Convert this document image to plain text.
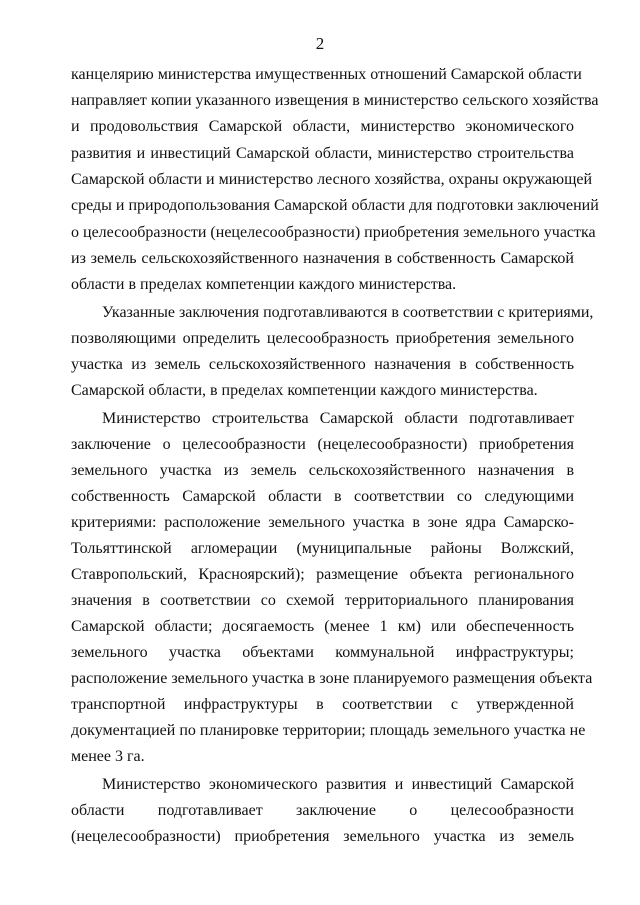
2
канцелярию министерства имущественных отношений Самарской области
направляет копии указанного извещения в министерство сельского хозяйства
и продовольствия Самарской области, министерство экономического
развития и инвестиций Самарской области, министерство строительства
Самарской области и министерство лесного хозяйства, охраны окружающей
среды и природопользования Самарской области для подготовки заключений
о целесообразности (нецелесообразности) приобретения земельного участка
из земель сельскохозяйственного назначения в собственность Самарской
области в пределах компетенции каждого министерства.
Указанные заключения подготавливаются в соответствии с критериями,
позволяющими определить целесообразность приобретения земельного
участка из земель сельскохозяйственного назначения в собственность
Самарской области, в пределах компетенции каждого министерства.
Министерство строительства Самарской области подготавливает
заключение о целесообразности (нецелесообразности) приобретения
земельного участка из земель сельскохозяйственного назначения в
собственность Самарской области в соответствии со следующими
критериями: расположение земельного участка в зоне ядра Самарско-
Тольяттинской агломерации (муниципальные районы Волжский,
Ставропольский, Красноярский); размещение объекта регионального
значения в соответствии со схемой территориального планирования
Самарской области; досягаемость (менее 1 км) или обеспеченность
земельного участка объектами коммунальной инфраструктуры;
расположение земельного участка в зоне планируемого размещения объекта
транспортной инфраструктуры в соответствии с утвержденной
документацией по планировке территории; площадь земельного участка не
менее 3 га.
Министерство экономического развития и инвестиций Самарской
области подготавливает заключение о целесообразности
(нецелесообразности) приобретения земельного участка из земель
